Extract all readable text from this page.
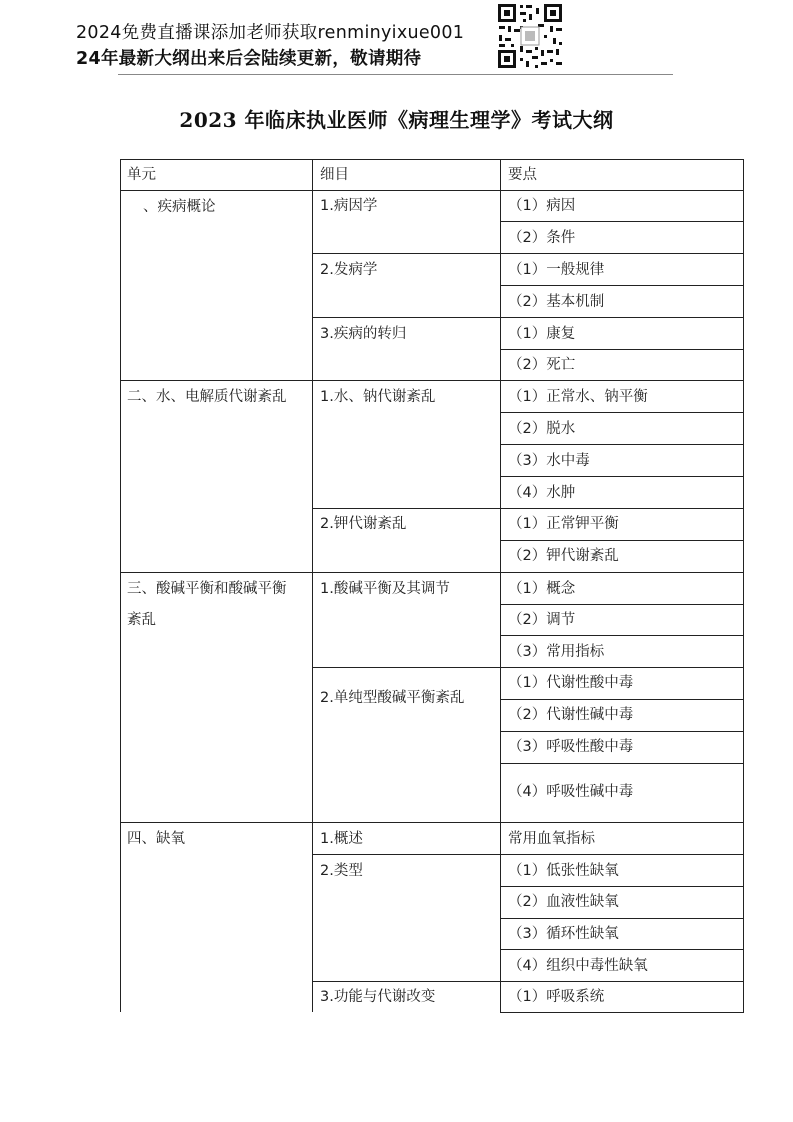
2024免费直播课添加老师获取renminyixue001
24年最新大纲出来后会陆续更新，敬请期待
2023 年临床执业医师《病理生理学》考试大纲
单元	细目	要点
、疾病概论
二、水、电解质代谢紊乱
三、酸碱平衡和酸碱平衡
紊乱
四、缺氧
1.病因学
2.发病学
3.疾病的转归
1.水、钠代谢紊乱
2.钾代谢紊乱
1.酸碱平衡及其调节
2.单纯型酸碱平衡紊乱
1.概述
2.类型
3.功能与代谢改变
（1）病因
（2）条件
（1）一般规律
（2）基本机制
（1）康复
（2）死亡
（1）正常水、钠平衡
（2）脱水
（3）水中毒
（4）水肿
（1）正常钾平衡
（2）钾代谢紊乱
（1）概念
（2）调节
（3）常用指标
（1）代谢性酸中毒
（2）代谢性碱中毒
（3）呼吸性酸中毒
（4）呼吸性碱中毒
常用血氧指标
（1）低张性缺氧
（2）血液性缺氧
（3）循环性缺氧
（4）组织中毒性缺氧
（1）呼吸系统
